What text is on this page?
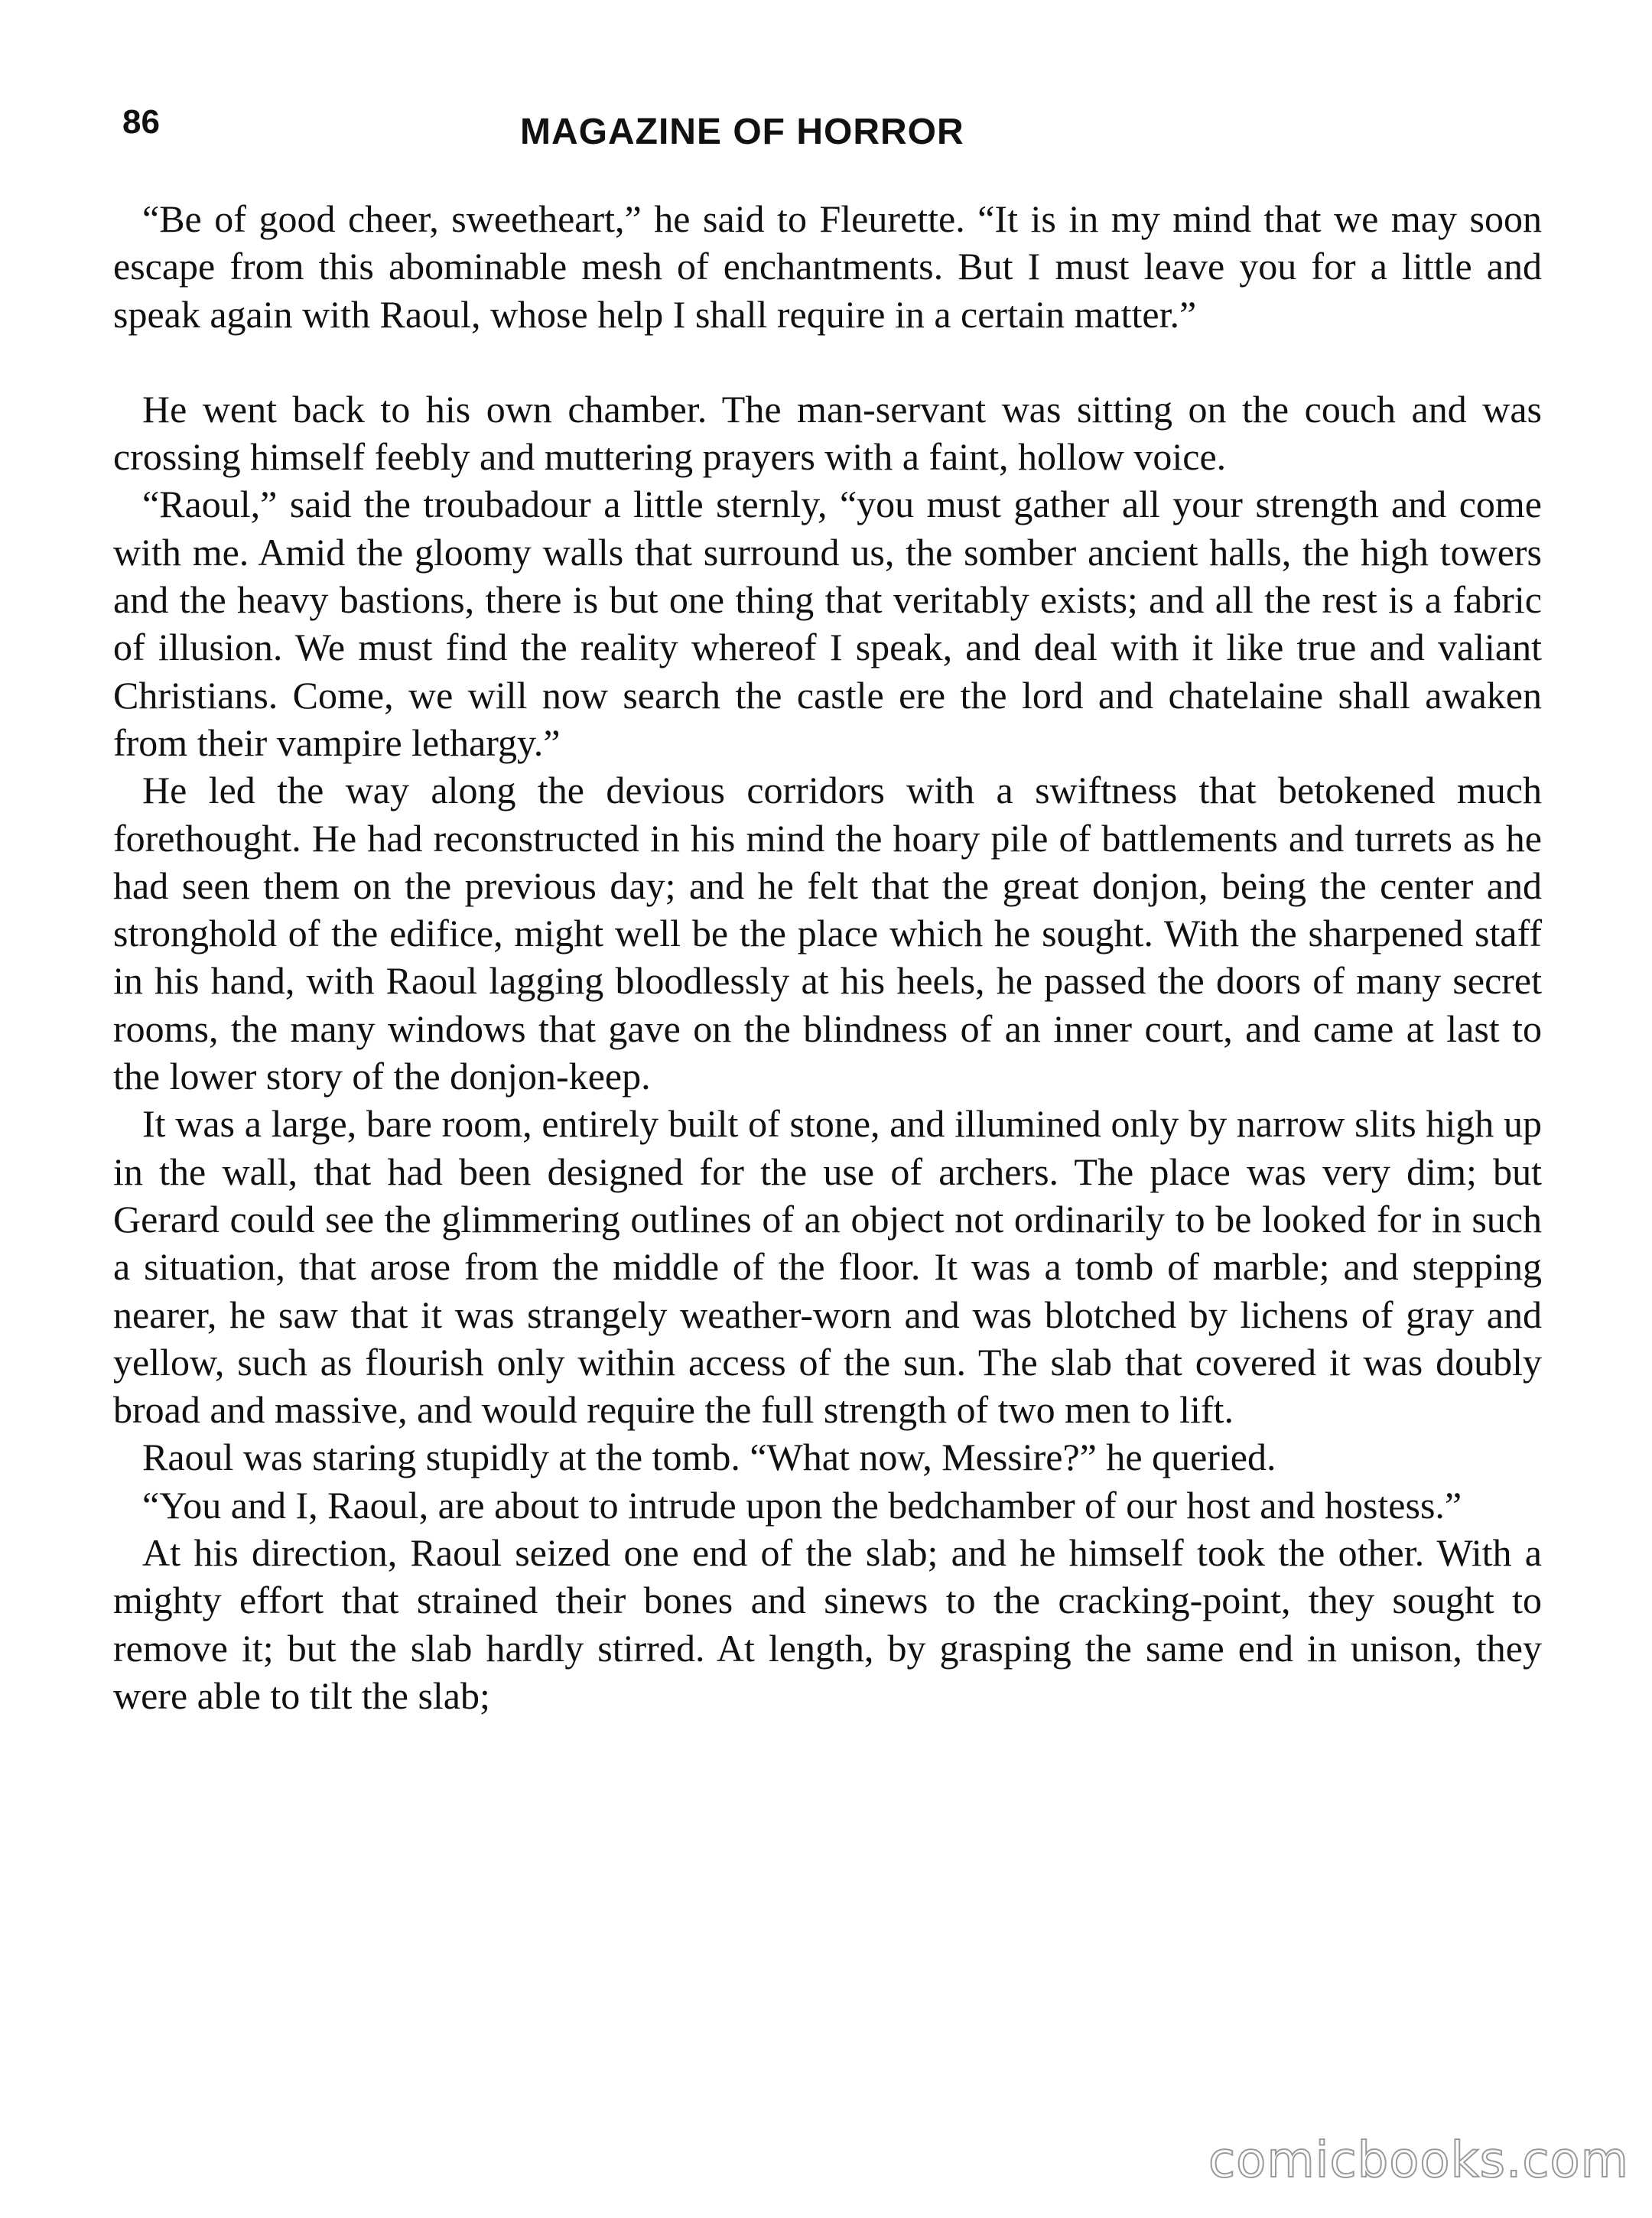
86	MAGAZINE OF HORROR

“Be of good cheer, sweetheart,” he said to Fleurette. “It is in my mind that we may soon escape from this abominable mesh of enchantments. But I must leave you for a little and speak again with Raoul, whose help I shall require in a certain matter.”

He went back to his own chamber. The man-servant was sitting on the couch and was crossing himself feebly and muttering prayers with a faint, hollow voice.

“Raoul,” said the troubadour a little sternly, “you must gather all your strength and come with me. Amid the gloomy walls that surround us, the somber ancient halls, the high towers and the heavy bastions, there is but one thing that veritably exists; and all the rest is a fabric of illusion. We must find the reality whereof I speak, and deal with it like true and valiant Christians. Come, we will now search the castle ere the lord and chatelaine shall awaken from their vampire lethargy.”

He led the way along the devious corridors with a swiftness that betokened much forethought. He had reconstructed in his mind the hoary pile of battlements and turrets as he had seen them on the previous day; and he felt that the great donjon, being the center and stronghold of the edifice, might well be the place which he sought. With the sharpened staff in his hand, with Raoul lagging bloodlessly at his heels, he passed the doors of many secret rooms, the many windows that gave on the blindness of an inner court, and came at last to the lower story of the donjon-keep.

It was a large, bare room, entirely built of stone, and illumined only by narrow slits high up in the wall, that had been designed for the use of archers. The place was very dim; but Gerard could see the glimmering outlines of an object not ordinarily to be looked for in such a situation, that arose from the middle of the floor. It was a tomb of marble; and stepping nearer, he saw that it was strangely weather-worn and was blotched by lichens of gray and yellow, such as flourish only within access of the sun. The slab that covered it was doubly broad and massive, and would require the full strength of two men to lift.

Raoul was staring stupidly at the tomb. “What now, Messire?” he queried.

“You and I, Raoul, are about to intrude upon the bedchamber of our host and hostess.”

At his direction, Raoul seized one end of the slab; and he himself took the other. With a mighty effort that strained their bones and sinews to the cracking-point, they sought to remove it; but the slab hardly stirred. At length, by grasping the same end in unison, they were able to tilt the slab;

comicbooks.com
